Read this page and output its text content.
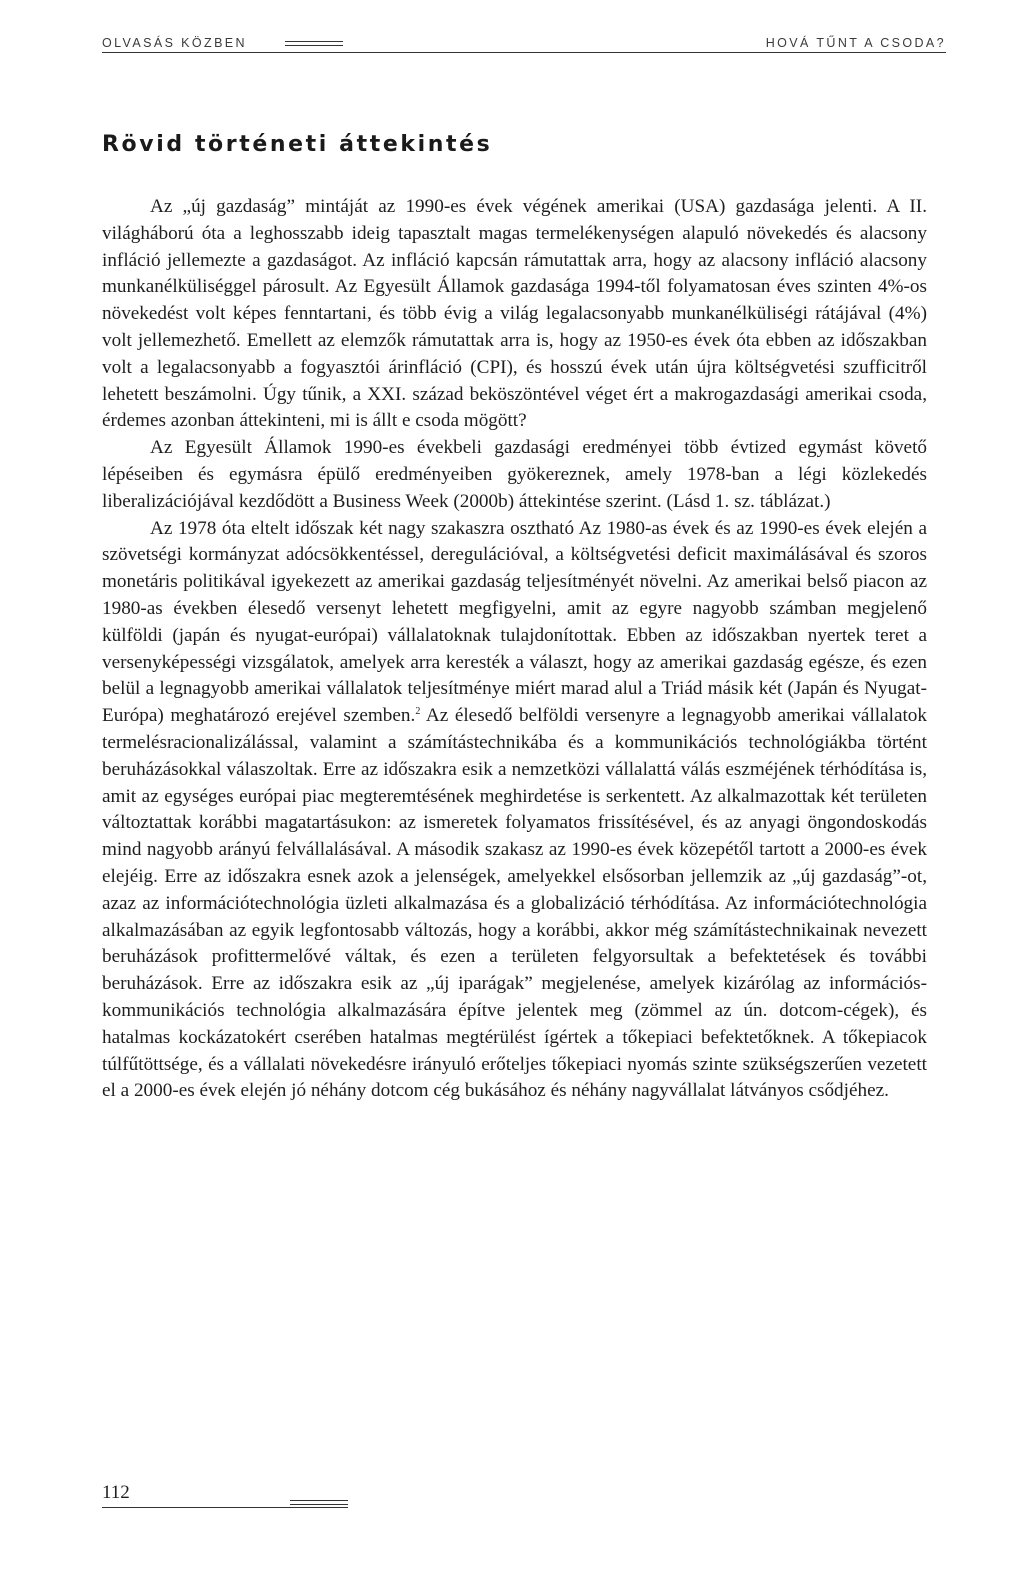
OLVASÁS KÖZBEN	HOVÁ TŰNT A CSODA?
Rövid történeti áttekintés

Az „új gazdaság” mintáját az 1990-es évek végének amerikai (USA) gazdasága jelenti. A II. világháború óta a leghosszabb ideig tapasztalt magas termelékenységen alapuló növekedés és alacsony infláció jellemezte a gazdaságot. Az infláció kapcsán rámutattak arra, hogy az alacsony infláció alacsony munkanélküliséggel párosult. Az Egyesült Államok gazdasága 1994-től folyamatosan éves szinten 4%-os növekedést volt képes fenntartani, és több évig a világ legalacsonyabb munkanélküliségi rátájával (4%) volt jellemezhető. Emellett az elemzők rámutattak arra is, hogy az 1950-es évek óta ebben az időszakban volt a legalacsonyabb a fogyasztói árinfláció (CPI), és hosszú évek után újra költségvetési szufficitről lehetett beszámolni. Úgy tűnik, a XXI. század beköszöntével véget ért a makrogazdasági amerikai csoda, érdemes azonban áttekinteni, mi is állt e csoda mögött?

Az Egyesült Államok 1990-es évekbeli gazdasági eredményei több évtized egymást követő lépéseiben és egymásra épülő eredményeiben gyökereznek, amely 1978-ban a légi közlekedés liberalizációjával kezdődött a Business Week (2000b) áttekintése szerint. (Lásd 1. sz. táblázat.)

Az 1978 óta eltelt időszak két nagy szakaszra osztható Az 1980-as évek és az 1990-es évek elején a szövetségi kormányzat adócsökkentéssel, deregulációval, a költségvetési deficit maximálásával és szoros monetáris politikával igyekezett az amerikai gazdaság teljesítményét növelni. Az amerikai belső piacon az 1980-as években élesedő versenyt lehetett megfigyelni, amit az egyre nagyobb számban megjelenő külföldi (japán és nyugat-európai) vállalatoknak tulajdonítottak. Ebben az időszakban nyertek teret a versenyképességi vizsgálatok, amelyek arra keresték a választ, hogy az amerikai gazdaság egésze, és ezen belül a legnagyobb amerikai vállalatok teljesítménye miért marad alul a Triád másik két (Japán és Nyugat-Európa) meghatározó erejével szemben.$^2$ Az élesedő belföldi versenyre a legnagyobb amerikai vállalatok termelésracionalizálással, valamint a számítástechnikába és a kommunikációs technológiákba történt beruházásokkal válaszoltak. Erre az időszakra esik a nemzetközi vállalattá válás eszméjének térhódítása is, amit az egységes európai piac megteremtésének meghirdetése is serkentett. Az alkalmazottak két területen változtattak korábbi magatartásukon: az ismeretek folyamatos frissítésével, és az anyagi öngondoskodás mind nagyobb arányú felvállalásával. A második szakasz az 1990-es évek közepétől tartott a 2000-es évek elejéig. Erre az időszakra esnek azok a jelenségek, amelyekkel elsősorban jellemzik az „új gazdaság”-ot, azaz az információtechnológia üzleti alkalmazása és a globalizáció térhódítása. Az információtechnológia alkalmazásában az egyik legfontosabb változás, hogy a korábbi, akkor még számítástechnikainak nevezett beruházások profittermelővé váltak, és ezen a területen felgyorsultak a befektetések és további beruházások. Erre az időszakra esik az „új iparágak” megjelenése, amelyek kizárólag az információs-kommunikációs technológia alkalmazására építve jelentek meg (zömmel az ún. dotcom-cégek), és hatalmas kockázatokért cserében hatalmas megtérülést ígértek a tőkepiaci befektetőknek. A tőkepiacok túlfűtöttsége, és a vállalati növekedésre irányuló erőteljes tőkepiaci nyomás szinte szükségszerűen vezetett el a 2000-es évek elején jó néhány dotcom cég bukásához és néhány nagyvállalat látványos csődjéhez.

112
